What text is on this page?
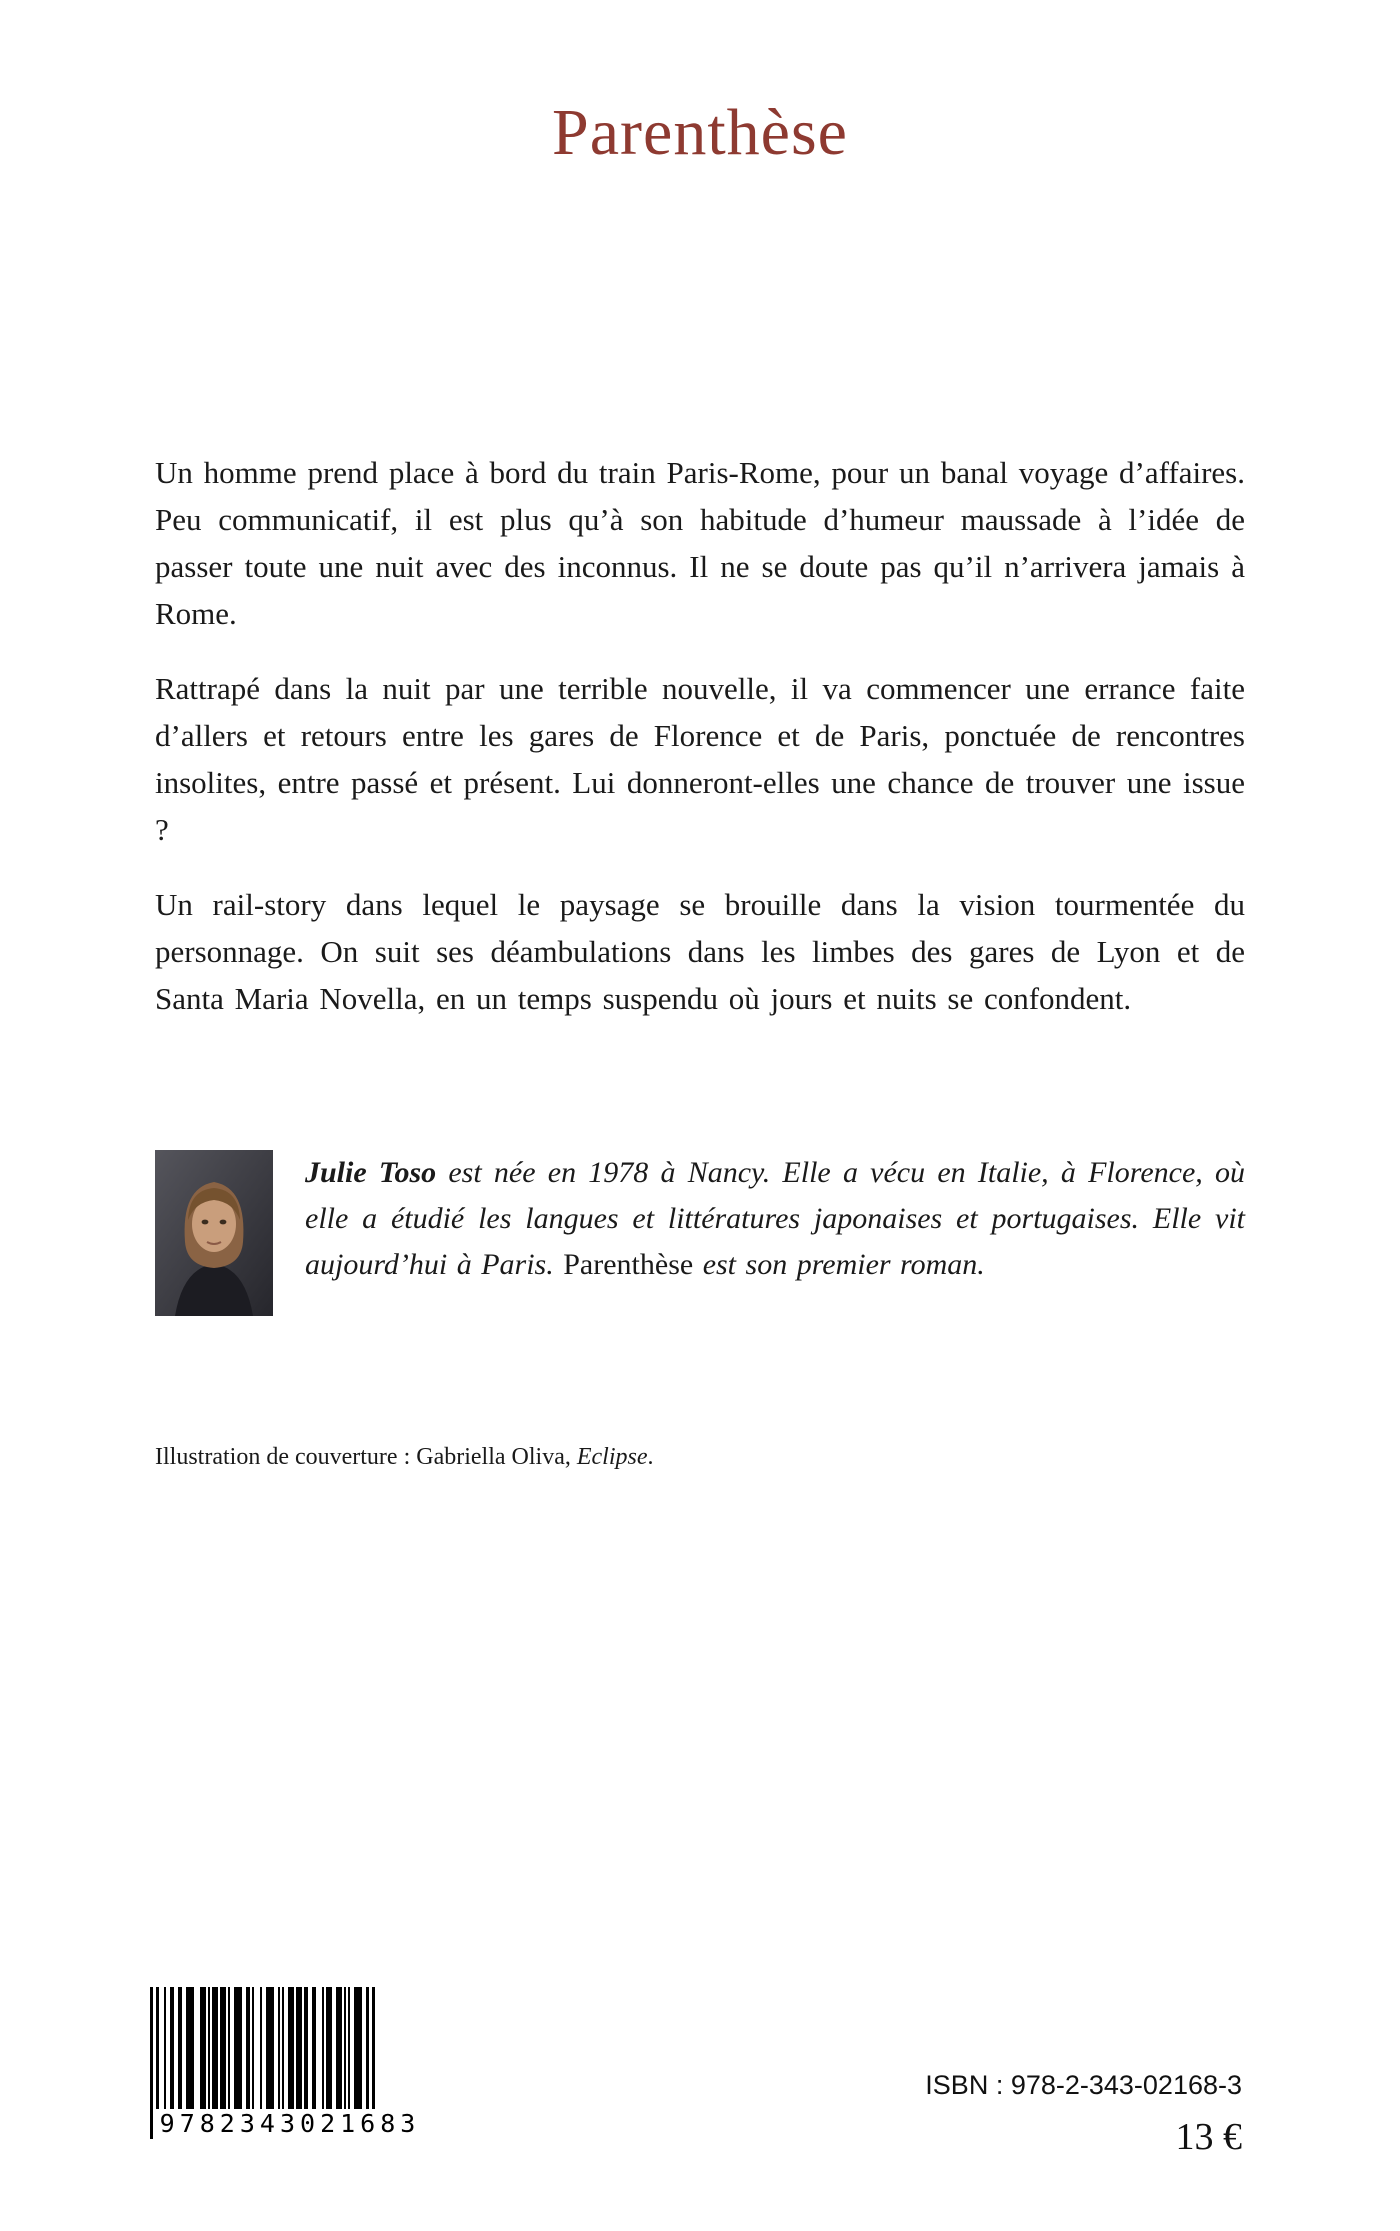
Parenthèse

Un homme prend place à bord du train Paris-Rome, pour un banal voyage d’affaires. Peu communicatif, il est plus qu’à son habitude d’humeur maussade à l’idée de passer toute une nuit avec des inconnus. Il ne se doute pas qu’il n’arrivera jamais à Rome.

Rattrapé dans la nuit par une terrible nouvelle, il va commencer une errance faite d’allers et retours entre les gares de Florence et de Paris, ponctuée de rencontres insolites, entre passé et présent. Lui donneront-elles une chance de trouver une issue ?

Un rail-story dans lequel le paysage se brouille dans la vision tourmentée du personnage. On suit ses déambulations dans les limbes des gares de Lyon et de Santa Maria Novella, en un temps suspendu où jours et nuits se confondent.

Julie Toso est née en 1978 à Nancy. Elle a vécu en Italie, à Florence, où elle a étudié les langues et littératures japonaises et portugaises. Elle vit aujourd’hui à Paris. Parenthèse est son premier roman.
Illustration de couverture : Gabriella Oliva, Eclipse.
9782343021683
ISBN : 978-2-343-02168-3
13 €
